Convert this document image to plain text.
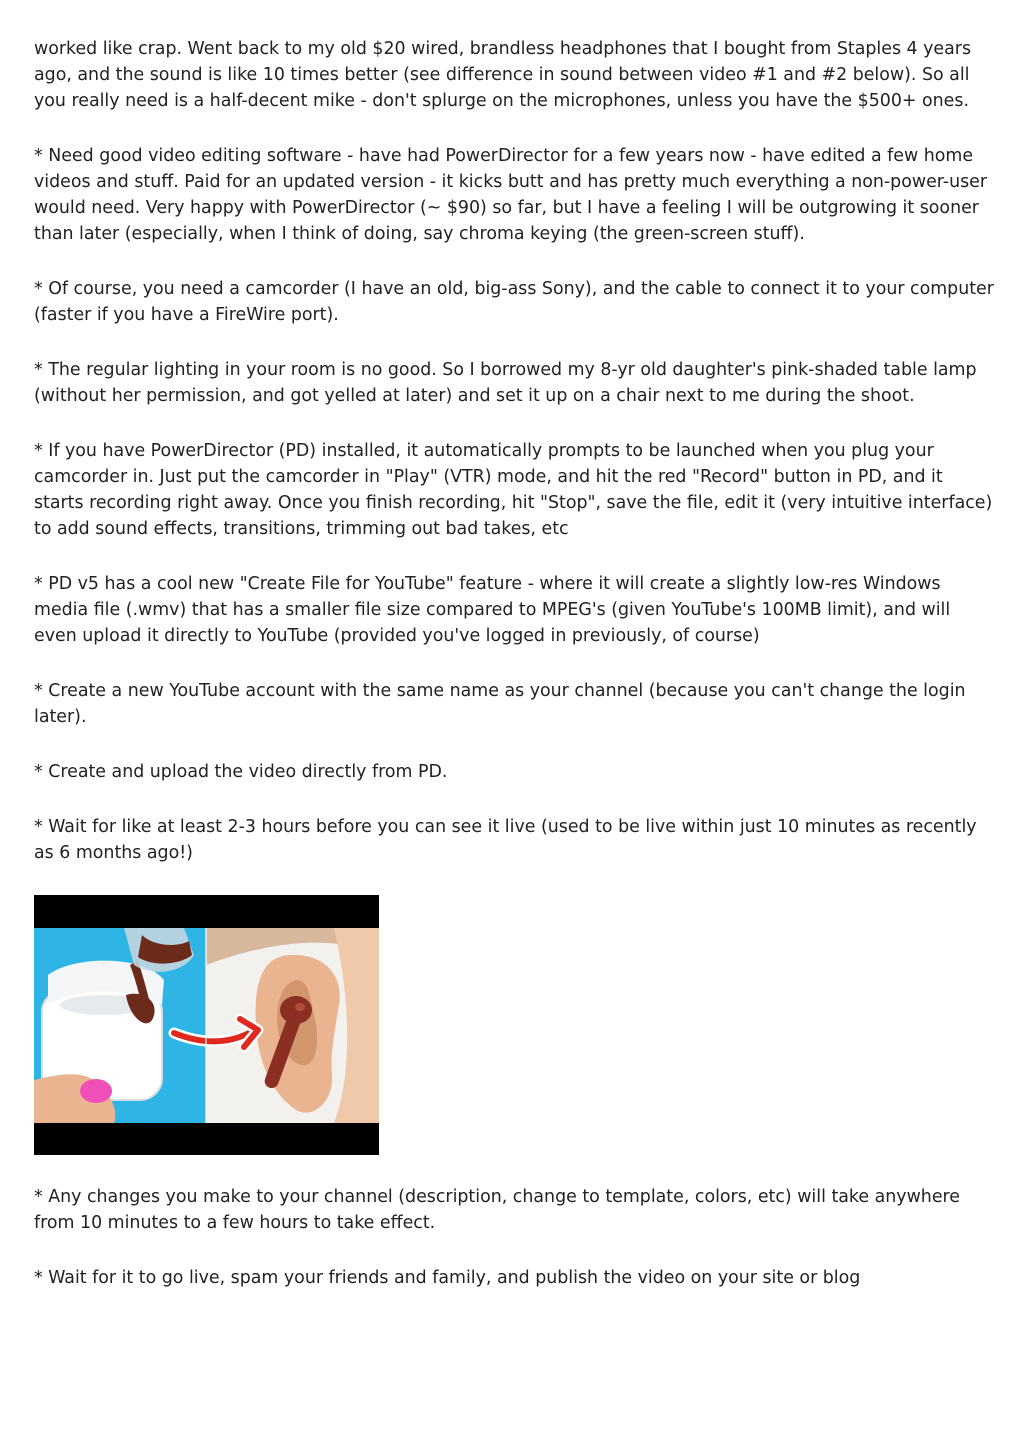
worked like crap. Went back to my old $20 wired, brandless headphones that I bought from Staples 4 years ago, and the sound is like 10 times better (see difference in sound between video #1 and #2 below). So all you really need is a half-decent mike - don't splurge on the microphones, unless you have the $500+ ones.

* Need good video editing software - have had PowerDirector for a few years now - have edited a few home videos and stuff. Paid for an updated version - it kicks butt and has pretty much everything a non-power-user would need. Very happy with PowerDirector (~ $90) so far, but I have a feeling I will be outgrowing it sooner than later (especially, when I think of doing, say chroma keying (the green-screen stuff).

* Of course, you need a camcorder (I have an old, big-ass Sony), and the cable to connect it to your computer (faster if you have a FireWire port).

* The regular lighting in your room is no good. So I borrowed my 8-yr old daughter's pink-shaded table lamp (without her permission, and got yelled at later) and set it up on a chair next to me during the shoot.

* If you have PowerDirector (PD) installed, it automatically prompts to be launched when you plug your camcorder in. Just put the camcorder in "Play" (VTR) mode, and hit the red "Record" button in PD, and it starts recording right away. Once you finish recording, hit "Stop", save the file, edit it (very intuitive interface) to add sound effects, transitions, trimming out bad takes, etc

* PD v5 has a cool new "Create File for YouTube" feature - where it will create a slightly low-res Windows media file (.wmv) that has a smaller file size compared to MPEG's (given YouTube's 100MB limit), and will even upload it directly to YouTube (provided you've logged in previously, of course)

* Create a new YouTube account with the same name as your channel (because you can't change the login later).

* Create and upload the video directly from PD.

* Wait for like at least 2-3 hours before you can see it live (used to be live within just 10 minutes as recently as 6 months ago!)

* Any changes you make to your channel (description, change to template, colors, etc) will take anywhere from 10 minutes to a few hours to take effect.

* Wait for it to go live, spam your friends and family, and publish the video on your site or blog
